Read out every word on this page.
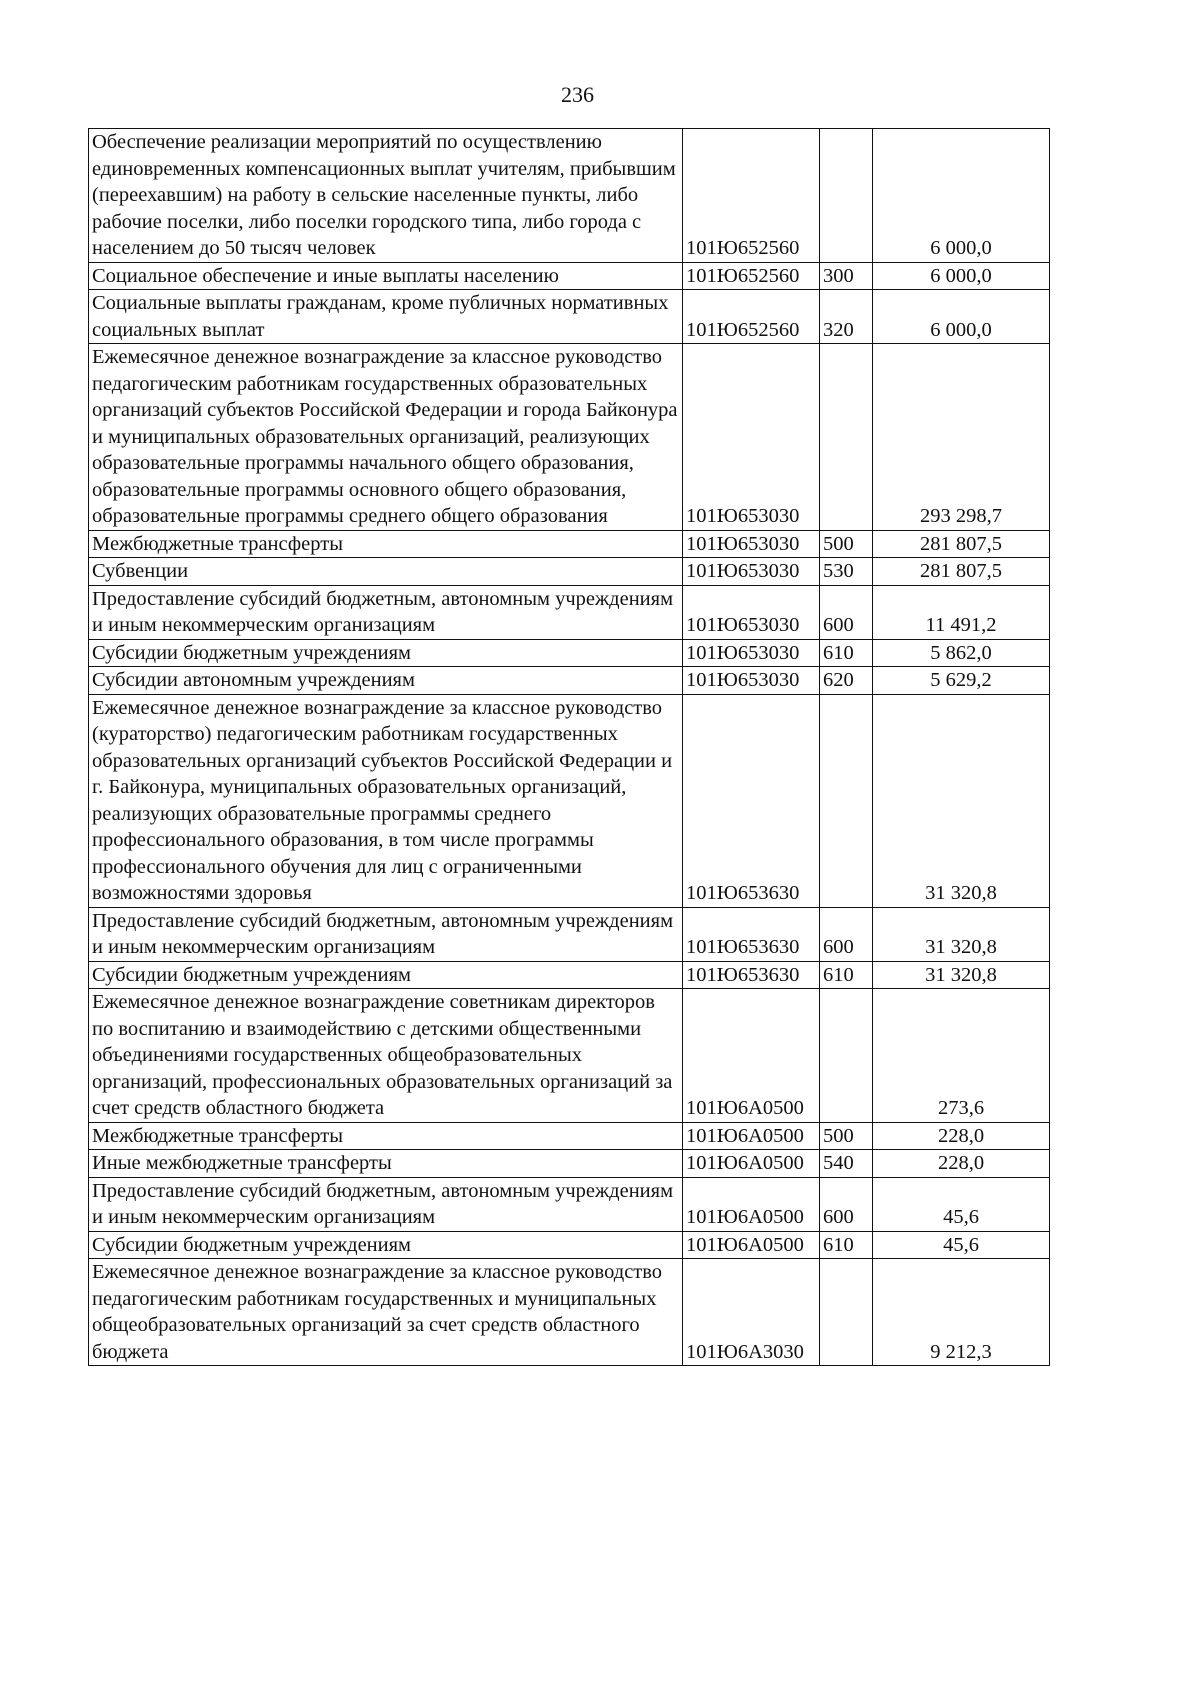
236
Обеспечение реализации мероприятий по осуществлению единовременных компенсационных выплат учителям, прибывшим (переехавшим) на работу в сельские населенные пункты, либо рабочие поселки, либо поселки городского типа, либо города с населением до 50 тысяч человек	101Ю652560		6 000,0
Социальное обеспечение и иные выплаты населению	101Ю652560	300	6 000,0
Социальные выплаты гражданам, кроме публичных нормативных социальных выплат	101Ю652560	320	6 000,0
Ежемесячное денежное вознаграждение за классное руководство педагогическим работникам государственных образовательных организаций субъектов Российской Федерации и города Байконура и муниципальных образовательных организаций, реализующих образовательные программы начального общего образования, образовательные программы основного общего образования, образовательные программы среднего общего образования	101Ю653030		293 298,7
Межбюджетные трансферты	101Ю653030	500	281 807,5
Субвенции	101Ю653030	530	281 807,5
Предоставление субсидий бюджетным, автономным учреждениям и иным некоммерческим организациям	101Ю653030	600	11 491,2
Субсидии бюджетным учреждениям	101Ю653030	610	5 862,0
Субсидии автономным учреждениям	101Ю653030	620	5 629,2
Ежемесячное денежное вознаграждение за классное руководство (кураторство) педагогическим работникам государственных образовательных организаций субъектов Российской Федерации и г. Байконура, муниципальных образовательных организаций, реализующих образовательные программы среднего профессионального образования, в том числе программы профессионального обучения для лиц с ограниченными возможностями здоровья	101Ю653630		31 320,8
Предоставление субсидий бюджетным, автономным учреждениям и иным некоммерческим организациям	101Ю653630	600	31 320,8
Субсидии бюджетным учреждениям	101Ю653630	610	31 320,8
Ежемесячное денежное вознаграждение советникам директоров по воспитанию и взаимодействию с детскими общественными объединениями государственных общеобразовательных организаций, профессиональных образовательных организаций за счет средств областного бюджета	101Ю6А0500		273,6
Межбюджетные трансферты	101Ю6А0500	500	228,0
Иные межбюджетные трансферты	101Ю6А0500	540	228,0
Предоставление субсидий бюджетным, автономным учреждениям и иным некоммерческим организациям	101Ю6А0500	600	45,6
Субсидии бюджетным учреждениям	101Ю6А0500	610	45,6
Ежемесячное денежное вознаграждение за классное руководство педагогическим работникам государственных и муниципальных общеобразовательных организаций за счет средств областного бюджета	101Ю6А3030		9 212,3
